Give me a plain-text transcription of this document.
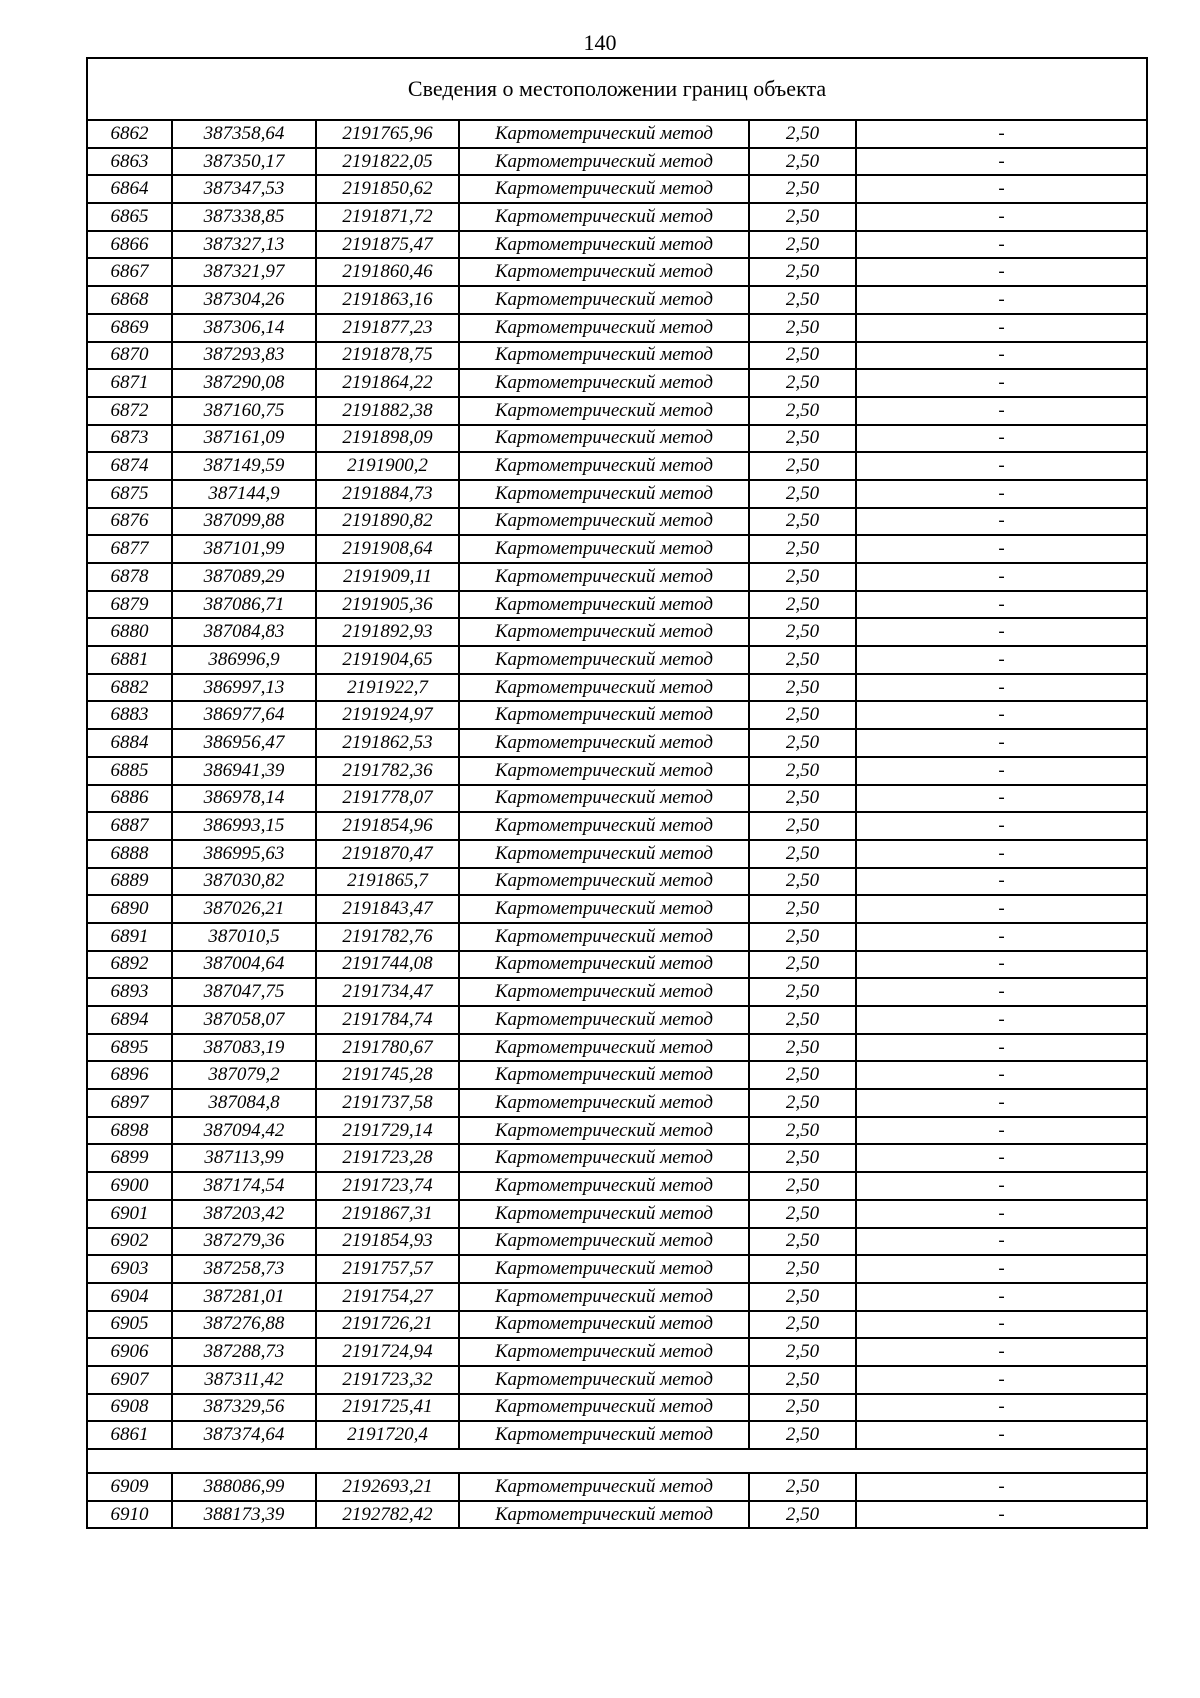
140
Сведения о местоположении границ объекта					
6862	387358,64	2191765,96	Картометрический метод	2,50	-
6863	387350,17	2191822,05	Картометрический метод	2,50	-
6864	387347,53	2191850,62	Картометрический метод	2,50	-
6865	387338,85	2191871,72	Картометрический метод	2,50	-
6866	387327,13	2191875,47	Картометрический метод	2,50	-
6867	387321,97	2191860,46	Картометрический метод	2,50	-
6868	387304,26	2191863,16	Картометрический метод	2,50	-
6869	387306,14	2191877,23	Картометрический метод	2,50	-
6870	387293,83	2191878,75	Картометрический метод	2,50	-
6871	387290,08	2191864,22	Картометрический метод	2,50	-
6872	387160,75	2191882,38	Картометрический метод	2,50	-
6873	387161,09	2191898,09	Картометрический метод	2,50	-
6874	387149,59	2191900,2	Картометрический метод	2,50	-
6875	387144,9	2191884,73	Картометрический метод	2,50	-
6876	387099,88	2191890,82	Картометрический метод	2,50	-
6877	387101,99	2191908,64	Картометрический метод	2,50	-
6878	387089,29	2191909,11	Картометрический метод	2,50	-
6879	387086,71	2191905,36	Картометрический метод	2,50	-
6880	387084,83	2191892,93	Картометрический метод	2,50	-
6881	386996,9	2191904,65	Картометрический метод	2,50	-
6882	386997,13	2191922,7	Картометрический метод	2,50	-
6883	386977,64	2191924,97	Картометрический метод	2,50	-
6884	386956,47	2191862,53	Картометрический метод	2,50	-
6885	386941,39	2191782,36	Картометрический метод	2,50	-
6886	386978,14	2191778,07	Картометрический метод	2,50	-
6887	386993,15	2191854,96	Картометрический метод	2,50	-
6888	386995,63	2191870,47	Картометрический метод	2,50	-
6889	387030,82	2191865,7	Картометрический метод	2,50	-
6890	387026,21	2191843,47	Картометрический метод	2,50	-
6891	387010,5	2191782,76	Картометрический метод	2,50	-
6892	387004,64	2191744,08	Картометрический метод	2,50	-
6893	387047,75	2191734,47	Картометрический метод	2,50	-
6894	387058,07	2191784,74	Картометрический метод	2,50	-
6895	387083,19	2191780,67	Картометрический метод	2,50	-
6896	387079,2	2191745,28	Картометрический метод	2,50	-
6897	387084,8	2191737,58	Картометрический метод	2,50	-
6898	387094,42	2191729,14	Картометрический метод	2,50	-
6899	387113,99	2191723,28	Картометрический метод	2,50	-
6900	387174,54	2191723,74	Картометрический метод	2,50	-
6901	387203,42	2191867,31	Картометрический метод	2,50	-
6902	387279,36	2191854,93	Картометрический метод	2,50	-
6903	387258,73	2191757,57	Картометрический метод	2,50	-
6904	387281,01	2191754,27	Картометрический метод	2,50	-
6905	387276,88	2191726,21	Картометрический метод	2,50	-
6906	387288,73	2191724,94	Картометрический метод	2,50	-
6907	387311,42	2191723,32	Картометрический метод	2,50	-
6908	387329,56	2191725,41	Картометрический метод	2,50	-
6861	387374,64	2191720,4	Картометрический метод	2,50	-

6909	388086,99	2192693,21	Картометрический метод	2,50	-
6910	388173,39	2192782,42	Картометрический метод	2,50	-
